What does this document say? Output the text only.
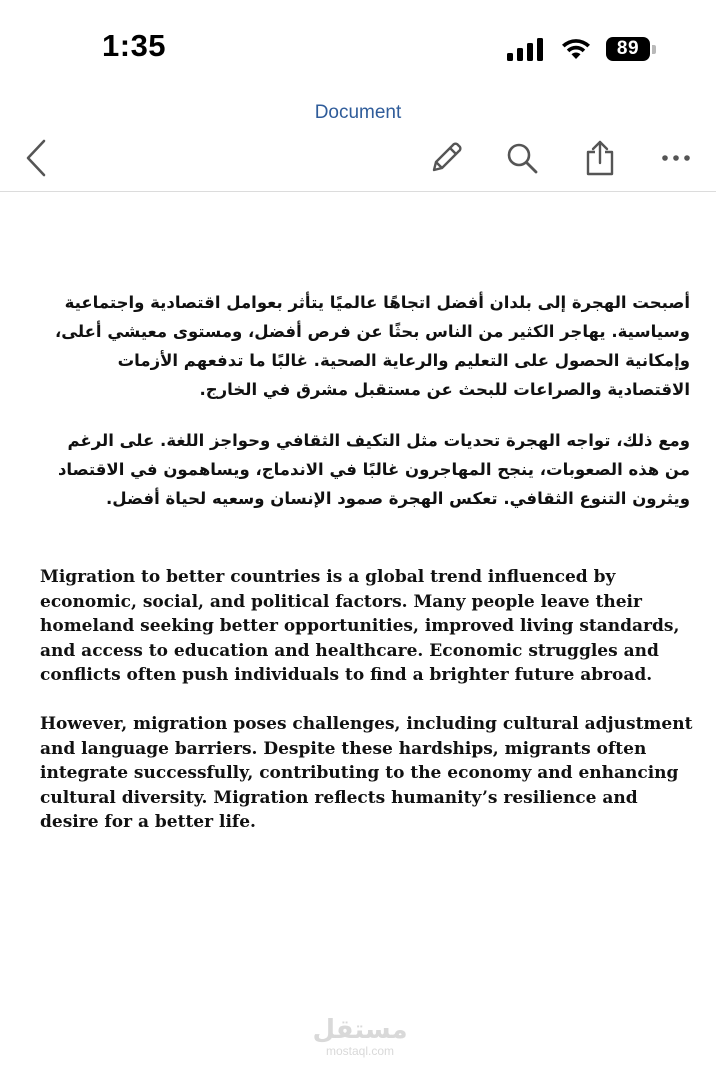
1:35	89
Document

أصبحت الهجرة إلى بلدان أفضل اتجاهًا عالميًا يتأثر بعوامل اقتصادية واجتماعية وسياسية. يهاجر الكثير من الناس بحثًا عن فرص أفضل، ومستوى معيشي أعلى، وإمكانية الحصول على التعليم والرعاية الصحية. غالبًا ما تدفعهم الأزمات الاقتصادية والصراعات للبحث عن مستقبل مشرق في الخارج.

ومع ذلك، تواجه الهجرة تحديات مثل التكيف الثقافي وحواجز اللغة. على الرغم من هذه الصعوبات، ينجح المهاجرون غالبًا في الاندماج، ويساهمون في الاقتصاد ويثرون التنوع الثقافي. تعكس الهجرة صمود الإنسان وسعيه لحياة أفضل.

Migration to better countries is a global trend influenced by economic, social, and political factors. Many people leave their homeland seeking better opportunities, improved living standards, and access to education and healthcare. Economic struggles and conflicts often push individuals to find a brighter future abroad.

However, migration poses challenges, including cultural adjustment and language barriers. Despite these hardships, migrants often integrate successfully, contributing to the economy and enhancing cultural diversity. Migration reflects humanity’s resilience and desire for a better life.

مستقل
mostaql.com
